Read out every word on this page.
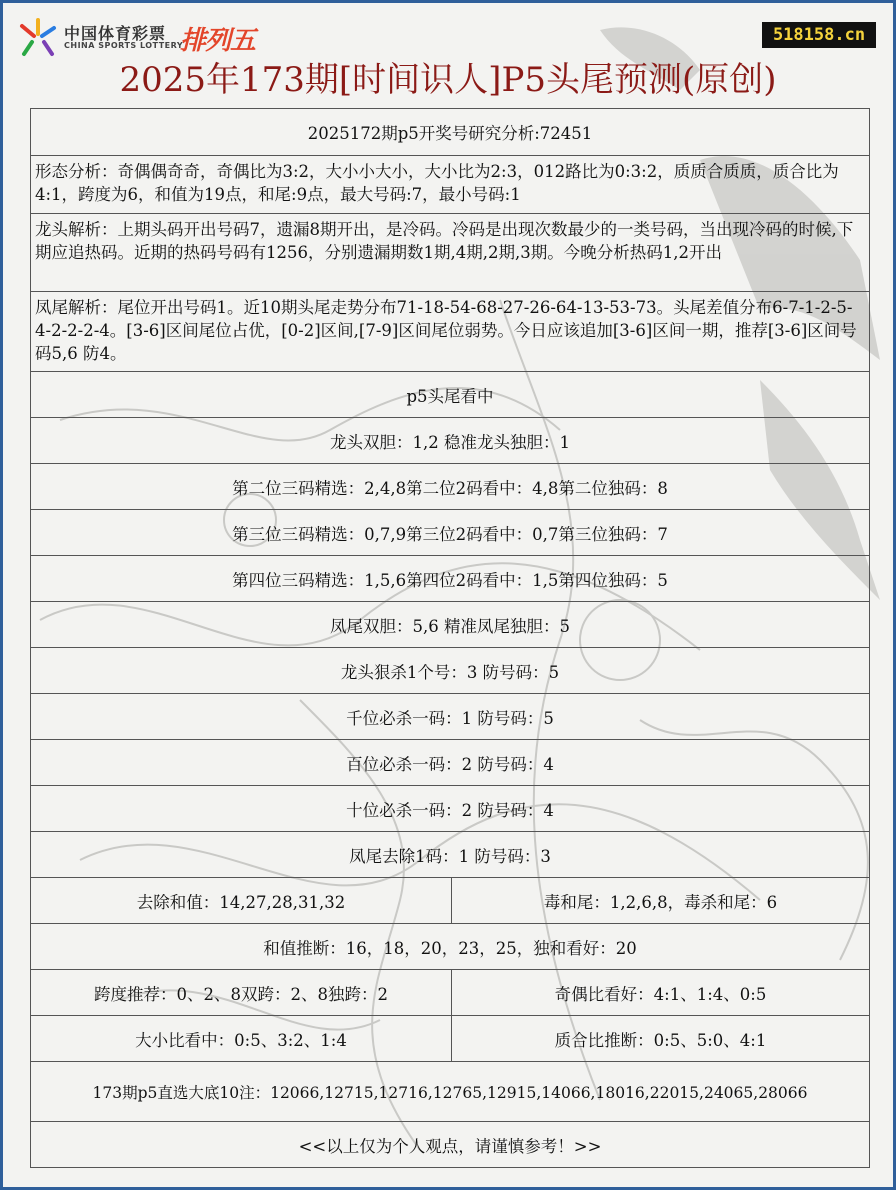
中国体育彩票
CHINA SPORTS LOTTERY
排列五	518158.cn
2025年173期[时间识人]P5头尾预测(原创)
2025172期p5开奖号研究分析:72451
形态分析：奇偶偶奇奇，奇偶比为3:2，大小小大小，大小比为2:3，012路比为0:3:2，质质合质质，质合比为4:1，跨度为6，和值为19点，和尾:9点，最大号码:7，最小号码:1
龙头解析：上期头码开出号码7，遗漏8期开出，是冷码。冷码是出现次数最少的一类号码，当出现冷码的时候,下期应追热码。近期的热码号码有1256，分别遗漏期数1期,4期,2期,3期。今晚分析热码1,2开出
凤尾解析：尾位开出号码1。近10期头尾走势分布71-18-54-68-27-26-64-13-53-73。头尾差值分布6-7-1-2-5-4-2-2-2-4。[3-6]区间尾位占优，[0-2]区间,[7-9]区间尾位弱势。今日应该追加[3-6]区间一期，推荐[3-6]区间号码5,6 防4。
p5头尾看中
龙头双胆：1,2 稳准龙头独胆：1
第二位三码精选：2,4,8第二位2码看中：4,8第二位独码：8
第三位三码精选：0,7,9第三位2码看中：0,7第三位独码：7
第四位三码精选：1,5,6第四位2码看中：1,5第四位独码：5
凤尾双胆：5,6 精准凤尾独胆：5
龙头狠杀1个号：3 防号码：5
千位必杀一码：1 防号码：5
百位必杀一码：2 防号码：4
十位必杀一码：2 防号码：4
凤尾去除1码：1 防号码：3
去除和值：14,27,28,31,32	毒和尾：1,2,6,8，毒杀和尾：6
和值推断：16，18，20，23，25，独和看好：20
跨度推荐：0、2、8双跨：2、8独跨：2	奇偶比看好：4:1、1:4、0:5
大小比看中：0:5、3:2、1:4	质合比推断：0:5、5:0、4:1
173期p5直选大底10注：12066,12715,12716,12765,12915,14066,18016,22015,24065,28066
<<以上仅为个人观点，请谨慎参考！>>
